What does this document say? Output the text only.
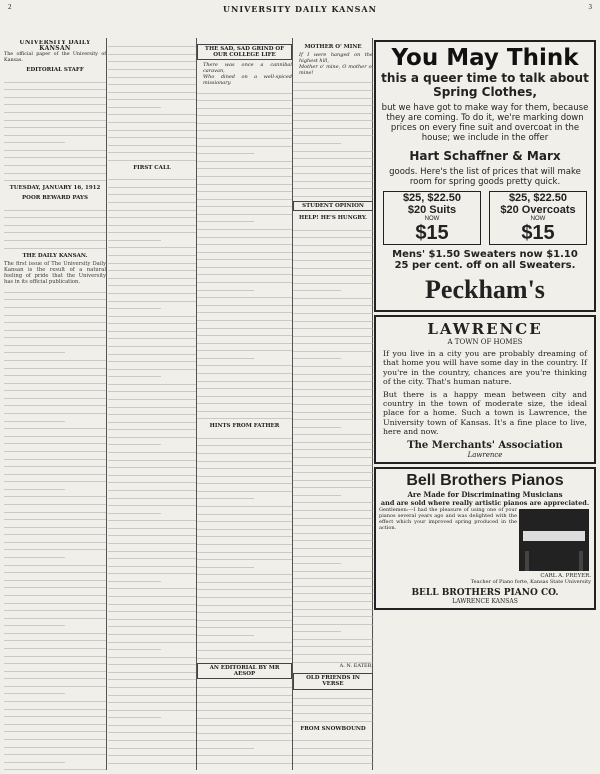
2	UNIVERSITY DAILY KANSAN	3
UNIVERSITY DAILY KANSAN
The official paper of the University of Kansas.
EDITORIAL STAFF
TUESDAY, JANUARY 16, 1912
POOR REWARD PAYS
THE DAILY KANSAN.
The first issue of The University Daily Kansan is the result of a natural feeling of pride that the University has in its official publication.
FIRST CALL
THE SAD, SAD GRIND OF OUR COLLEGE LIFE
There was once a cannibal caravan,
Who dined on a well-spiced missionary.
HINTS FROM FATHER
AN EDITORIAL BY MR AESOP
MOTHER O' MINE
If I were hanged on the highest hill,
Mother o' mine, O mother o' mine!
STUDENT OPINION
HELP! HE'S HUNGRY.
A. N. EATER.
OLD FRIENDS IN VERSE
FROM SNOWBOUND
You May Think
this a queer time to talk about Spring Clothes,
but we have got to make way for them, because they are coming. To do it, we're marking down prices on every fine suit and overcoat in the house; we include in the offer
Hart Schaffner & Marx
goods. Here's the list of prices that will make room for spring goods pretty quick.
$25, $22.50
$20 Suits
NOW
$15
$25, $22.50
$20 Overcoats
NOW
$15
Mens' $1.50 Sweaters now $1.10
25 per cent. off on all Sweaters.
Peckham's
LAWRENCE
A TOWN OF HOMES

If you live in a city you are probably dreaming of that home you will have some day in the country. If you're in the country, chances are you're thinking of the city. That's human nature.

But there is a happy mean between city and country in the town of moderate size, the ideal place for a home. Such a town is Lawrence, the University town of Kansas. It's a fine place to live, here and now.

The Merchants' Association
Lawrence
Bell Brothers Pianos
Are Made for Discriminating Musicians
and are sold where really artistic pianos are appreciated.
Gentlemen:—I had the pleasure of using one of your pianos several years ago and was delighted with the effect which your improved spring produced in the action.
CARL A. PREYER.
Teacher of Piano forte, Kansas State University
BELL BROTHERS PIANO CO.
LAWRENCE KANSAS
